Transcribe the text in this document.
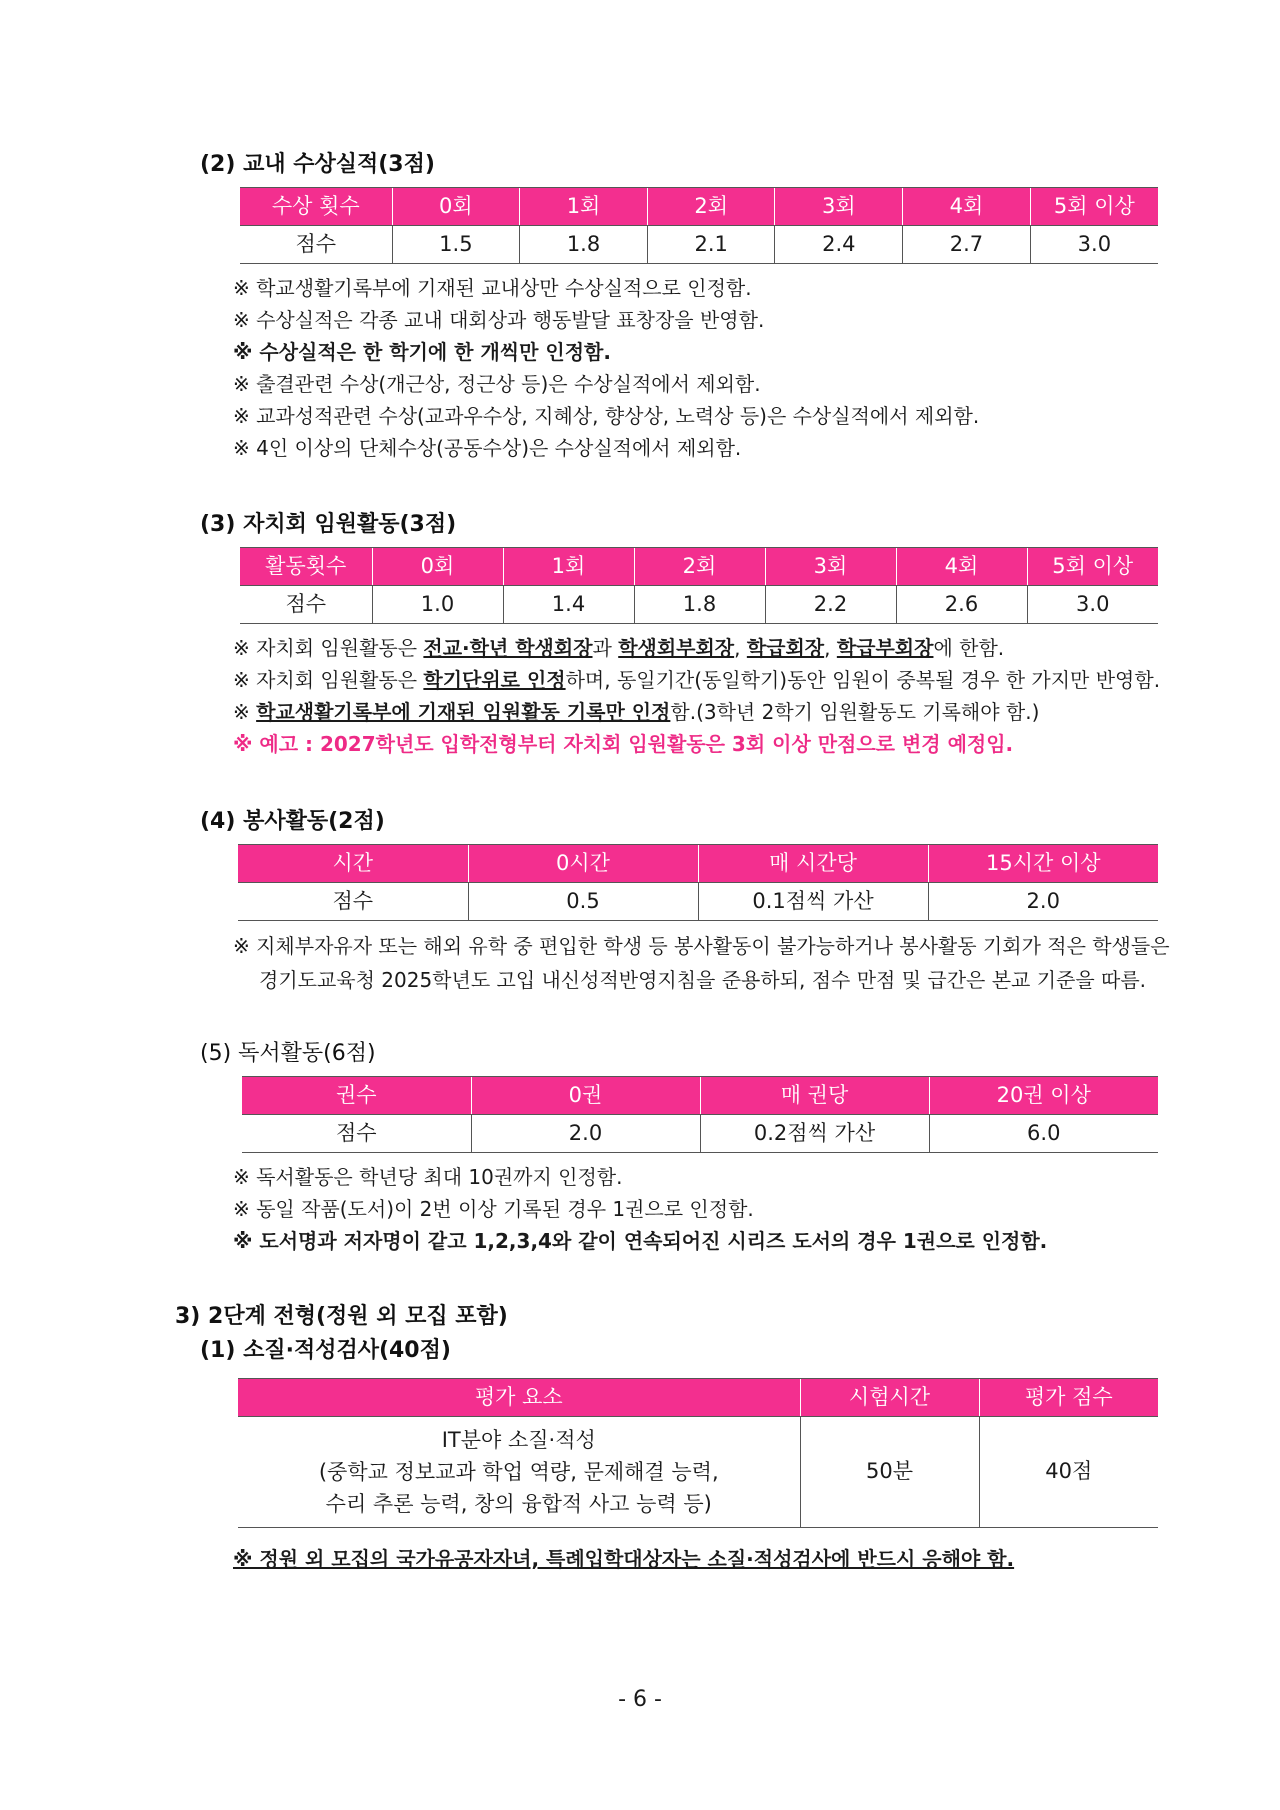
(2) 교내 수상실적(3점)
수상 횟수	0회	1회	2회	3회	4회	5회 이상
점수	1.5	1.8	2.1	2.4	2.7	3.0
※ 학교생활기록부에 기재된 교내상만 수상실적으로 인정함.
※ 수상실적은 각종 교내 대회상과 행동발달 표창장을 반영함.
※ 수상실적은 한 학기에 한 개씩만 인정함.
※ 출결관련 수상(개근상, 정근상 등)은 수상실적에서 제외함.
※ 교과성적관련 수상(교과우수상, 지혜상, 향상상, 노력상 등)은 수상실적에서 제외함.
※ 4인 이상의 단체수상(공동수상)은 수상실적에서 제외함.
(3) 자치회 임원활동(3점)
활동횟수	0회	1회	2회	3회	4회	5회 이상
점수	1.0	1.4	1.8	2.2	2.6	3.0
※ 자치회 임원활동은 전교·학년 학생회장과 학생회부회장, 학급회장, 학급부회장에 한함.
※ 자치회 임원활동은 학기단위로 인정하며, 동일기간(동일학기)동안 임원이 중복될 경우 한 가지만 반영함.
※ 학교생활기록부에 기재된 임원활동 기록만 인정함.(3학년 2학기 임원활동도 기록해야 함.)
※ 예고 : 2027학년도 입학전형부터 자치회 임원활동은 3회 이상 만점으로 변경 예정임.
(4) 봉사활동(2점)
시간	0시간	매 시간당	15시간 이상
점수	0.5	0.1점씩 가산	2.0
※ 지체부자유자 또는 해외 유학 중 편입한 학생 등 봉사활동이 불가능하거나 봉사활동 기회가 적은 학생들은 경기도교육청 2025학년도 고입 내신성적반영지침을 준용하되, 점수 만점 및 급간은 본교 기준을 따름.
(5) 독서활동(6점)
권수	0권	매 권당	20권 이상
점수	2.0	0.2점씩 가산	6.0
※ 독서활동은 학년당 최대 10권까지 인정함.
※ 동일 작품(도서)이 2번 이상 기록된 경우 1권으로 인정함.
※ 도서명과 저자명이 같고 1,2,3,4와 같이 연속되어진 시리즈 도서의 경우 1권으로 인정함.
3) 2단계 전형(정원 외 모집 포함)
(1) 소질·적성검사(40점)
평가 요소	시험시간	평가 점수

IT분야 소질·적성
(중학교 정보교과 학업 역량, 문제해결 능력,
수리 추론 능력, 창의 융합적 사고 능력 등)	50분	40점
※ 정원 외 모집의 국가유공자자녀, 특례입학대상자는 소질·적성검사에 반드시 응해야 함.
- 6 -
